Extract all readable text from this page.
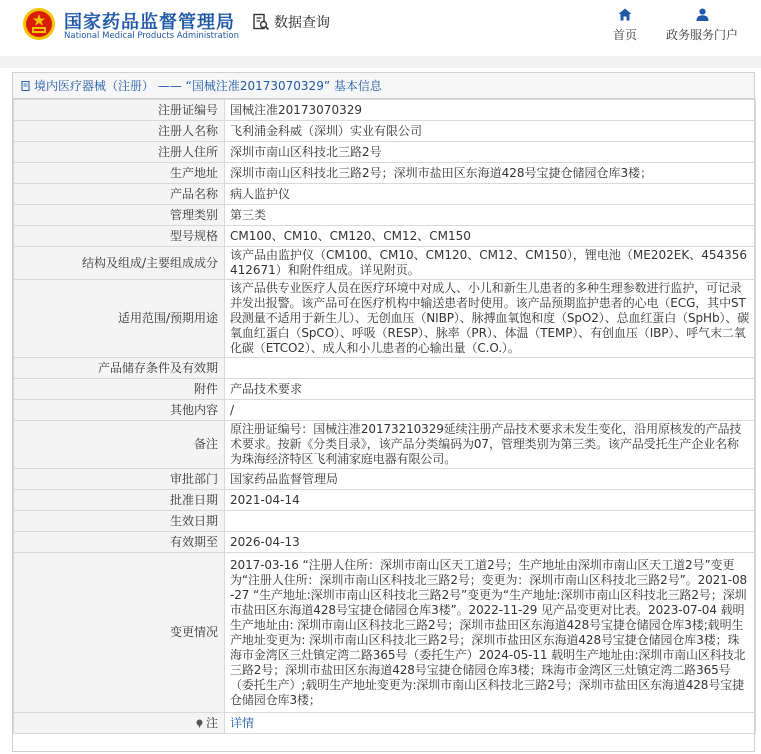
国家药品监督管理局
National Medical Products Administration
数据查询
首页	政务服务门户
境内医疗器械（注册） —— “国械注准20173070329” 基本信息
注册证编号	国械注准20173070329
注册人名称	飞利浦金科威（深圳）实业有限公司
注册人住所	深圳市南山区科技北三路2号
生产地址	深圳市南山区科技北三路2号；深圳市盐田区东海道428号宝捷仓储园仓库3楼；
产品名称	病人监护仪
管理类别	第三类
型号规格	CM100、CM10、CM120、CM12、CM150
结构及组成/主要组成成分	该产品由监护仪（CM100、CM10、CM120、CM12、CM150），锂电池（ME202EK、454356412671）和附件组成。详见附页。
适用范围/预期用途	该产品供专业医疗人员在医疗环境中对成人、小儿和新生儿患者的多种生理参数进行监护，可记录并发出报警。该产品可在医疗机构中输送患者时使用。该产品预期监护患者的心电（ECG，其中ST 段测量不适用于新生儿）、无创血压（NIBP）、脉搏血氧饱和度（SpO2）、总血红蛋白（SpHb）、碳氧血红蛋白（SpCO）、呼吸（RESP）、脉率（PR）、体温（TEMP）、有创血压（IBP）、呼气末二氧化碳（ETCO2）、成人和小儿患者的心输出量（C.O.）。
产品储存条件及有效期	
附件	产品技术要求
其他内容	/
备注	原注册证编号：国械注准20173210329延续注册产品技术要求未发生变化，沿用原核发的产品技术要求。按新《分类目录》，该产品分类编码为07，管理类别为第三类。该产品受托生产企业名称为珠海经济特区飞利浦家庭电器有限公司。
审批部门	国家药品监督管理局
批准日期	2021-04-14
生效日期	
有效期至	2026-04-13
变更情况	2017-03-16 “注册人住所：深圳市南山区天工道2号；生产地址由深圳市南山区天工道2号”变更为“注册人住所：深圳市南山区科技北三路2号；变更为：深圳市南山区科技北三路2号”。2021-08-27 “生产地址:深圳市南山区科技北三路2号”变更为“生产地址:深圳市南山区科技北三路2号；深圳市盐田区东海道428号宝捷仓储园仓库3楼”。2022-11-29 见产品变更对比表。2023-07-04 载明生产地址由: 深圳市南山区科技北三路2号；深圳市盐田区东海道428号宝捷仓储园仓库3楼;载明生产地址变更为: 深圳市南山区科技北三路2号；深圳市盐田区东海道428号宝捷仓储园仓库3楼；珠海市金湾区三灶镇定湾二路365号（委托生产）2024-05-11 载明生产地址由:深圳市南山区科技北三路2号；深圳市盐田区东海道428号宝捷仓储园仓库3楼；珠海市金湾区三灶镇定湾二路365号（委托生产）;载明生产地址变更为:深圳市南山区科技北三路2号；深圳市盐田区东海道428号宝捷仓储园仓库3楼；
注	详情
